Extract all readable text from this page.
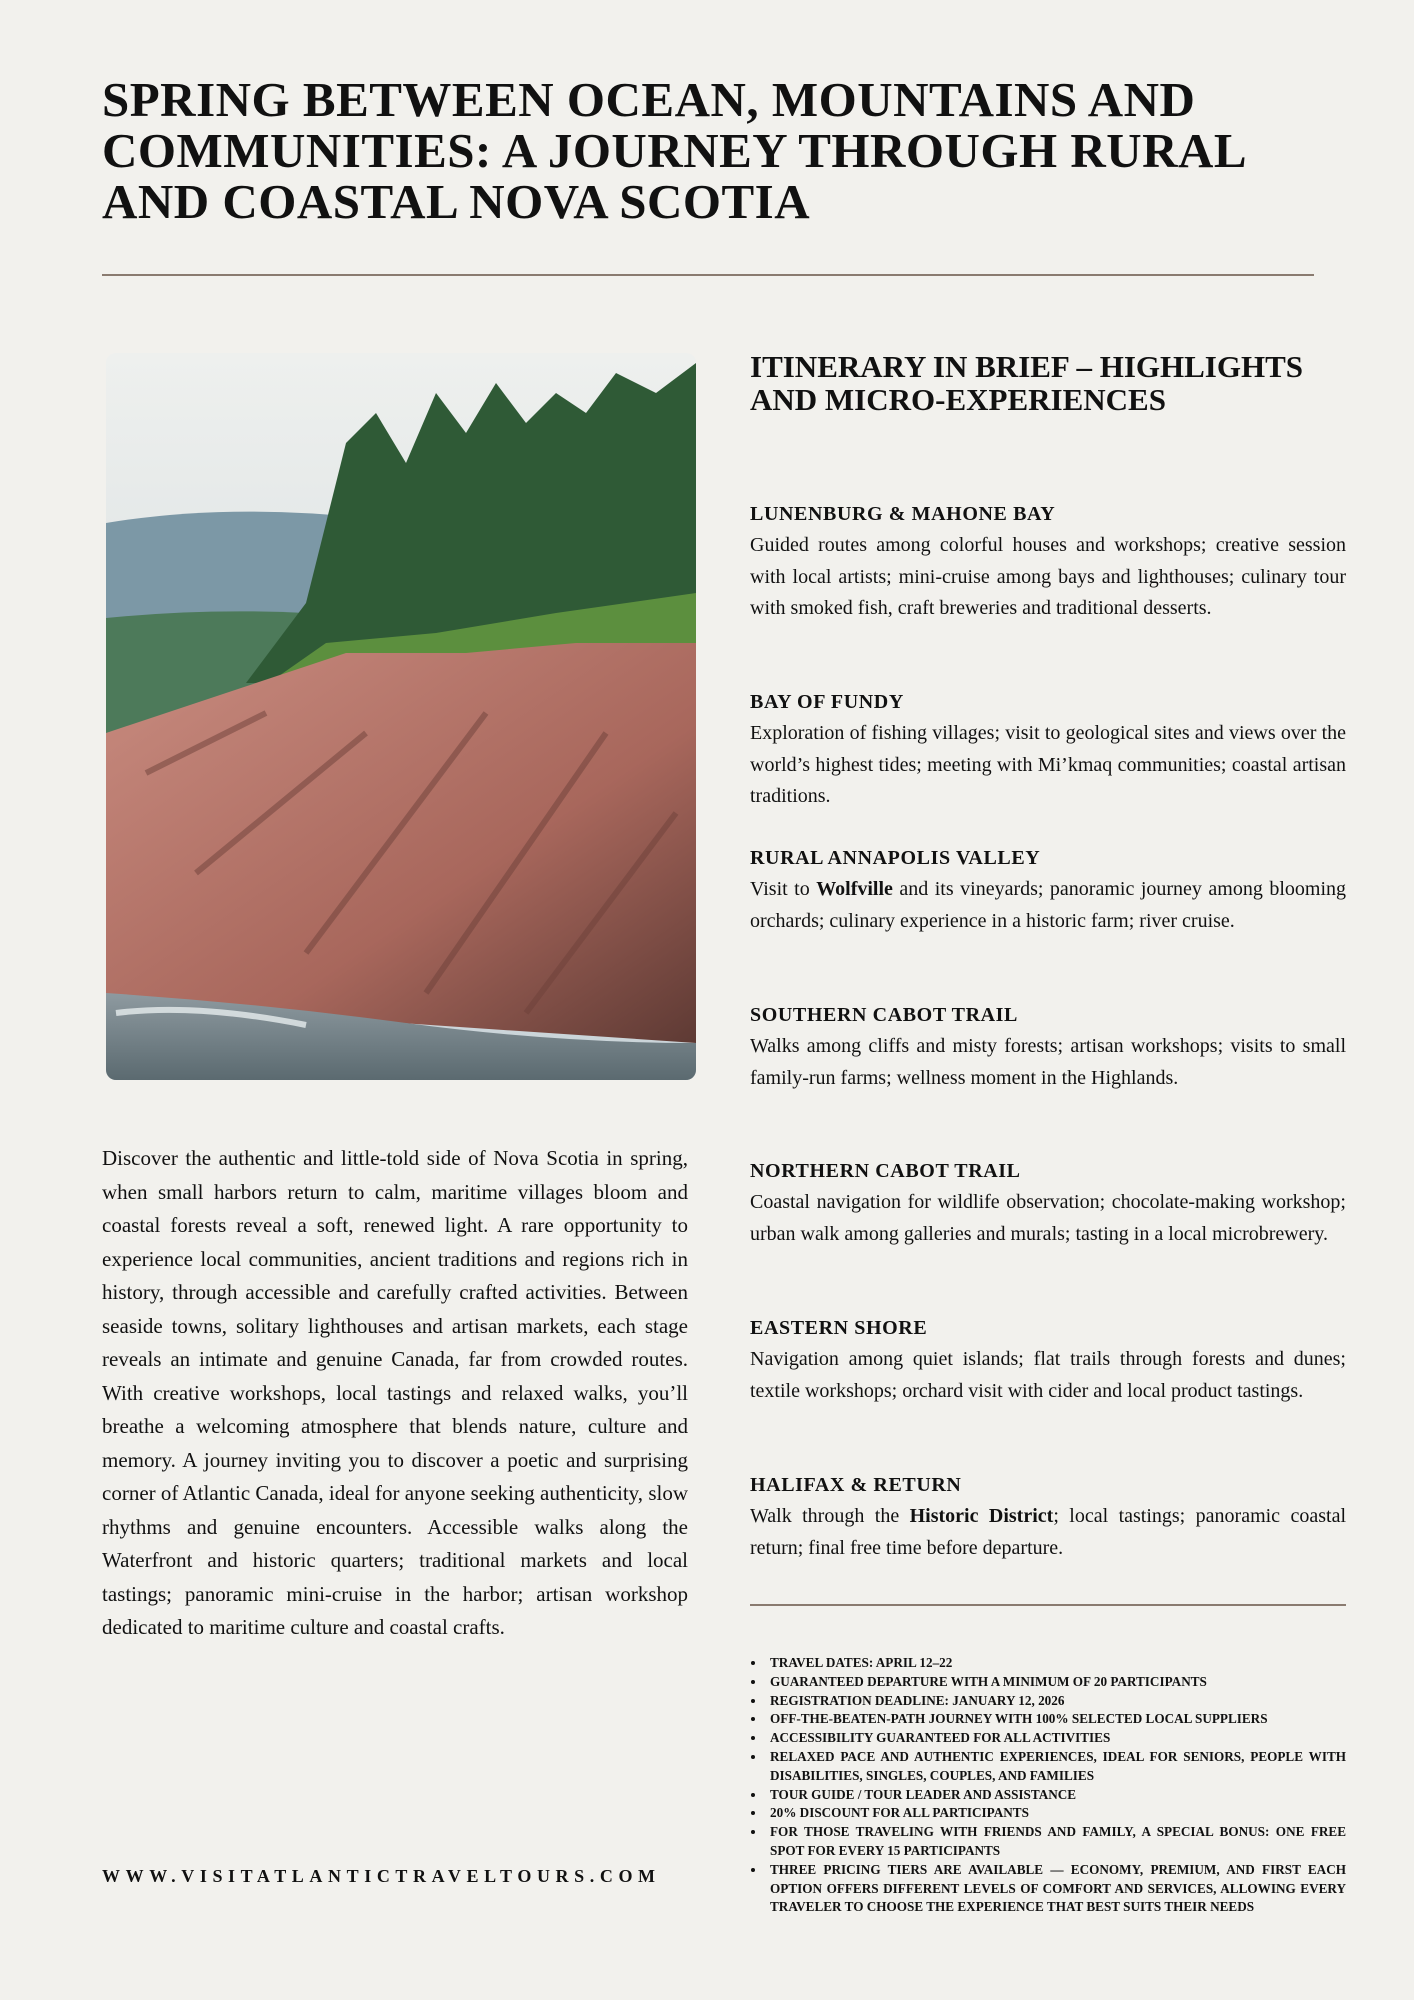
SPRING BETWEEN OCEAN, MOUNTAINS AND COMMUNITIES: A JOURNEY THROUGH RURAL AND COASTAL NOVA SCOTIA

Discover the authentic and little-told side of Nova Scotia in spring, when small harbors return to calm, maritime villages bloom and coastal forests reveal a soft, renewed light. A rare opportunity to experience local communities, ancient traditions and regions rich in history, through accessible and carefully crafted activities. Between seaside towns, solitary lighthouses and artisan markets, each stage reveals an intimate and genuine Canada, far from crowded routes. With creative workshops, local tastings and relaxed walks, you’ll breathe a welcoming atmosphere that blends nature, culture and memory. A journey inviting you to discover a poetic and surprising corner of Atlantic Canada, ideal for anyone seeking authenticity, slow rhythms and genuine encounters. Accessible walks along the Waterfront and historic quarters; traditional markets and local tastings; panoramic mini-cruise in the harbor; artisan workshop dedicated to maritime culture and coastal crafts.

WWW.VISITATLANTICTRAVELTOURS.COM
ITINERARY IN BRIEF – HIGHLIGHTS AND MICRO-EXPERIENCES
LUNENBURG & MAHONE BAY

Guided routes among colorful houses and workshops; creative session with local artists; mini-cruise among bays and lighthouses; culinary tour with smoked fish, craft breweries and traditional desserts.

BAY OF FUNDY

Exploration of fishing villages; visit to geological sites and views over the world’s highest tides; meeting with Mi’kmaq communities; coastal artisan traditions.

RURAL ANNAPOLIS VALLEY

Visit to Wolfville and its vineyards; panoramic journey among blooming orchards; culinary experience in a historic farm; river cruise.

SOUTHERN CABOT TRAIL

Walks among cliffs and misty forests; artisan workshops; visits to small family-run farms; wellness moment in the Highlands.

NORTHERN CABOT TRAIL

Coastal navigation for wildlife observation; chocolate-making workshop; urban walk among galleries and murals; tasting in a local microbrewery.

EASTERN SHORE

Navigation among quiet islands; flat trails through forests and dunes; textile workshops; orchard visit with cider and local product tastings.

HALIFAX & RETURN

Walk through the Historic District; local tastings; panoramic coastal return; final free time before departure.

• TRAVEL DATES: APRIL 12–22
• GUARANTEED DEPARTURE WITH A MINIMUM OF 20 PARTICIPANTS
• REGISTRATION DEADLINE: JANUARY 12, 2026
• OFF-THE-BEATEN-PATH JOURNEY WITH 100% SELECTED LOCAL SUPPLIERS
• ACCESSIBILITY GUARANTEED FOR ALL ACTIVITIES
• RELAXED PACE AND AUTHENTIC EXPERIENCES, IDEAL FOR SENIORS, PEOPLE WITH DISABILITIES, SINGLES, COUPLES, AND FAMILIES
• TOUR GUIDE / TOUR LEADER AND ASSISTANCE
• 20% DISCOUNT FOR ALL PARTICIPANTS
• FOR THOSE TRAVELING WITH FRIENDS AND FAMILY, A SPECIAL BONUS: ONE FREE SPOT FOR EVERY 15 PARTICIPANTS
• THREE PRICING TIERS ARE AVAILABLE — ECONOMY, PREMIUM, AND FIRST EACH OPTION OFFERS DIFFERENT LEVELS OF COMFORT AND SERVICES, ALLOWING EVERY TRAVELER TO CHOOSE THE EXPERIENCE THAT BEST SUITS THEIR NEEDS
